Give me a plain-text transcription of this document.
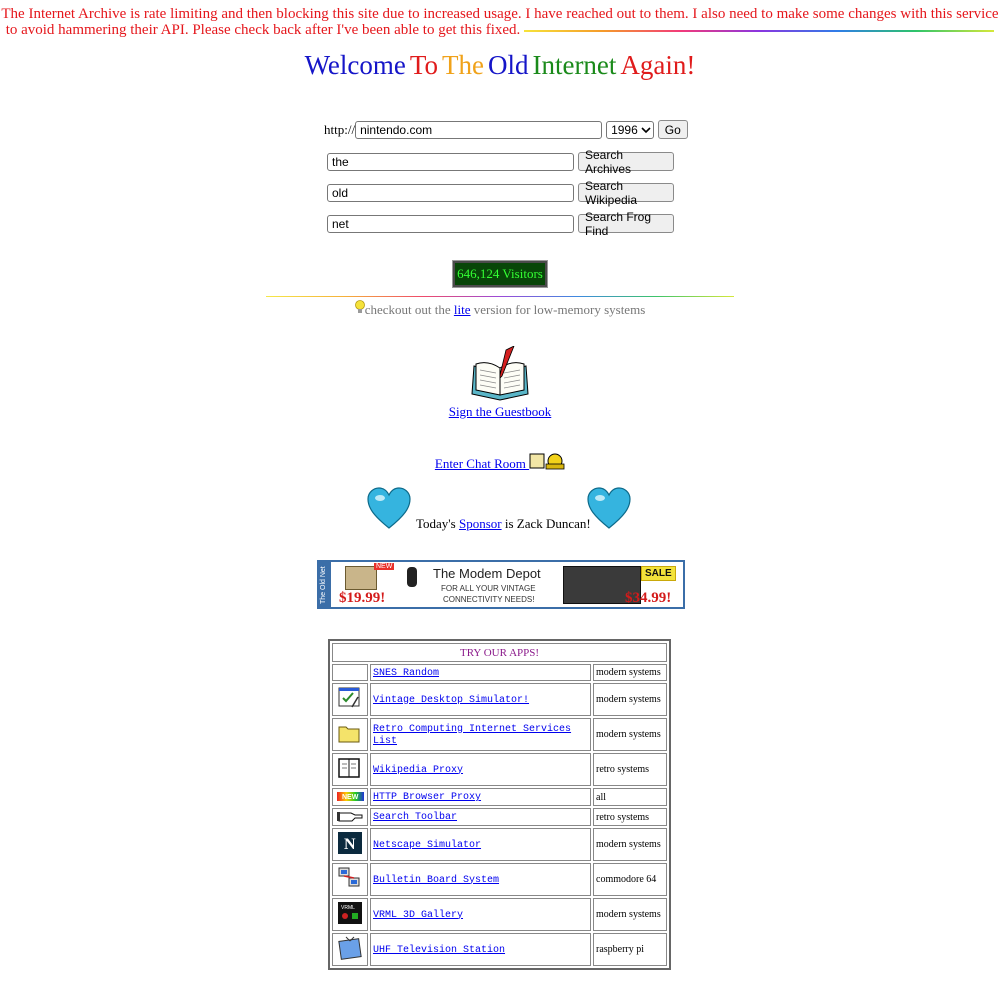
The Internet Archive is rate limiting and then blocking this site due to increased usage. I have reached out to them. I also need to make some changes with this service to avoid hammering their API. Please check back after I've been able to get this fixed.
Welcome To The Old Internet Again!
http:// nintendo.com	1996	Go
the	Search Archives
old	Search Wikipedia
net	Search Frog Find
646,124 Visitors
checkout out the lite version for low-memory systems
Sign the Guestbook
Enter Chat Room
Today's Sponsor is Zack Duncan!
The Old Net	NEW
$19.99!
The Modem Depot
FOR ALL YOUR VINTAGE
CONNECTIVITY NEEDS!
SALE
$34.99!
TRY OUR APPS!		
	SNES Random	modern systems
	Vintage Desktop Simulator!	modern systems
	Retro Computing Internet Services List	modern systems
	Wikipedia Proxy	retro systems

NEW	HTTP Browser Proxy	all
	Search Toolbar	retro systems

N	Netscape Simulator	modern systems
	Bulletin Board System	commodore 64

VRML	VRML 3D Gallery	modern systems
	UHF Television Station	raspberry pi
